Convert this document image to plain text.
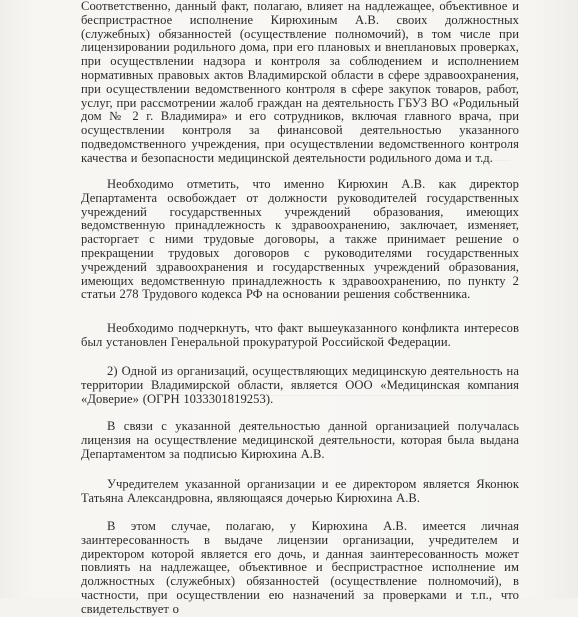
Соответственно, данный факт, полагаю, влияет на надлежащее, объективное и беспристрастное исполнение Кирюхиным А.В. своих должностных (служебных) обязанностей (осуществление полномочий), в том числе при лицензировании родильного дома, при его плановых и внеплановых проверках, при осуществлении надзора и контроля за соблюдением и исполнением нормативных правовых актов Владимирской области в сфере здравоохранения, при осуществлении ведомственного контроля в сфере закупок товаров, работ, услуг, при рассмотрении жалоб граждан на деятельность ГБУЗ ВО «Родильный дом № 2 г. Владимира» и его сотрудников, включая главного врача, при осуществлении контроля за финансовой деятельностью указанного подведомственного учреждения, при осуществлении ведомственного контроля качества и безопасности медицинской деятельности родильного дома и т.д.
Необходимо отметить, что именно Кирюхин А.В. как директор Департамента освобождает от должности руководителей государственных учреждений государственных учреждений образования, имеющих ведомственную принадлежность к здравоохранению, заключает, изменяет, расторгает с ними трудовые договоры, а также принимает решение о прекращении трудовых договоров с руководителями государственных учреждений здравоохранения и государственных учреждений образования, имеющих ведомственную принадлежность к здравоохранению, по пункту 2 статьи 278 Трудового кодекса РФ на основании решения собственника.
Необходимо подчеркнуть, что факт вышеуказанного конфликта интересов был установлен Генеральной прокуратурой Российской Федерации.
2) Одной из организаций, осуществляющих медицинскую деятельность на территории Владимирской области, является ООО «Медицинская компания «Доверие» (ОГРН 1033301819253).
В связи с указанной деятельностью данной организацией получалась лицензия на осуществление медицинской деятельности, которая была выдана Департаментом за подписью Кирюхина А.В.
Учредителем указанной организации и ее директором является Яконюк Татьяна Александровна, являющаяся дочерью Кирюхина А.В.
В этом случае, полагаю, у Кирюхина А.В. имеется личная заинтересованность в выдаче лицензии организации, учредителем и директором которой является его дочь, и данная заинтересованность может повлиять на надлежащее, объективное и беспристрастное исполнение им должностных (служебных) обязанностей (осуществление полномочий), в частности, при осуществлении ею назначений за проверками и т.п., что свидетельствует о
